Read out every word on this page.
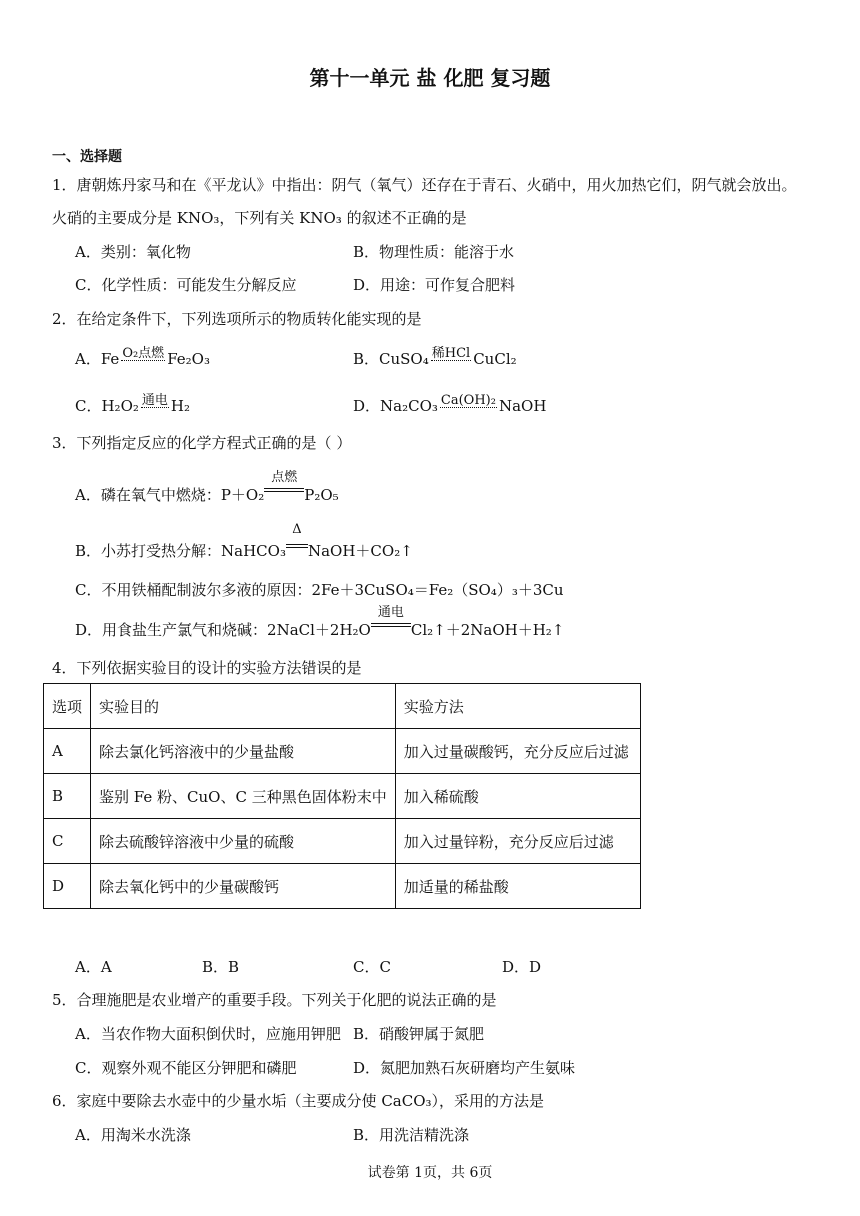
第十一单元 盐 化肥 复习题
一、选择题
1．唐朝炼丹家马和在《平龙认》中指出：阴气（氧气）还存在于青石、火硝中，用火加热它们，阴气就会放出。
火硝的主要成分是 KNO₃，下列有关 KNO₃ 的叙述不正确的是
A．类别：氧化物	B．物理性质：能溶于水
C．化学性质：可能发生分解反应	D．用途：可作复合肥料
2．在给定条件下，下列选项所示的物质转化能实现的是
A．Fe O₂点燃 Fe₂O₃	B．CuSO₄ 稀HCl CuCl₂
C．H₂O₂ 通电 H₂	D．Na₂CO₃ Ca(OH)₂ NaOH
3．下列指定反应的化学方程式正确的是（ ）
A．磷在氧气中燃烧：P＋O₂
点燃
P₂O₅
B．小苏打受热分解：NaHCO₃
Δ
NaOH＋CO₂↑
C．不用铁桶配制波尔多液的原因：2Fe＋3CuSO₄＝Fe₂（SO₄）₃＋3Cu
D．用食盐生产氯气和烧碱：2NaCl＋2H₂O
通电
Cl₂↑＋2NaOH＋H₂↑
4．下列依据实验目的设计的实验方法错误的是
选项	实验目的	实验方法
A	除去氯化钙溶液中的少量盐酸	加入过量碳酸钙，充分反应后过滤
B	鉴别 Fe 粉、CuO、C 三种黑色固体粉末中	加入稀硫酸
C	除去硫酸锌溶液中少量的硫酸	加入过量锌粉，充分反应后过滤
D	除去氧化钙中的少量碳酸钙	加适量的稀盐酸
A．A	B．B	C．C	D．D
5．合理施肥是农业增产的重要手段。下列关于化肥的说法正确的是
A．当农作物大面积倒伏时，应施用钾肥 B．硝酸钾属于氮肥
C．观察外观不能区分钾肥和磷肥	D．氮肥加熟石灰研磨均产生氨味
6．家庭中要除去水壶中的少量水垢（主要成分使 CaCO₃），采用的方法是
A．用淘米水洗涤	B．用洗洁精洗涤
试卷第 1页，共 6页
